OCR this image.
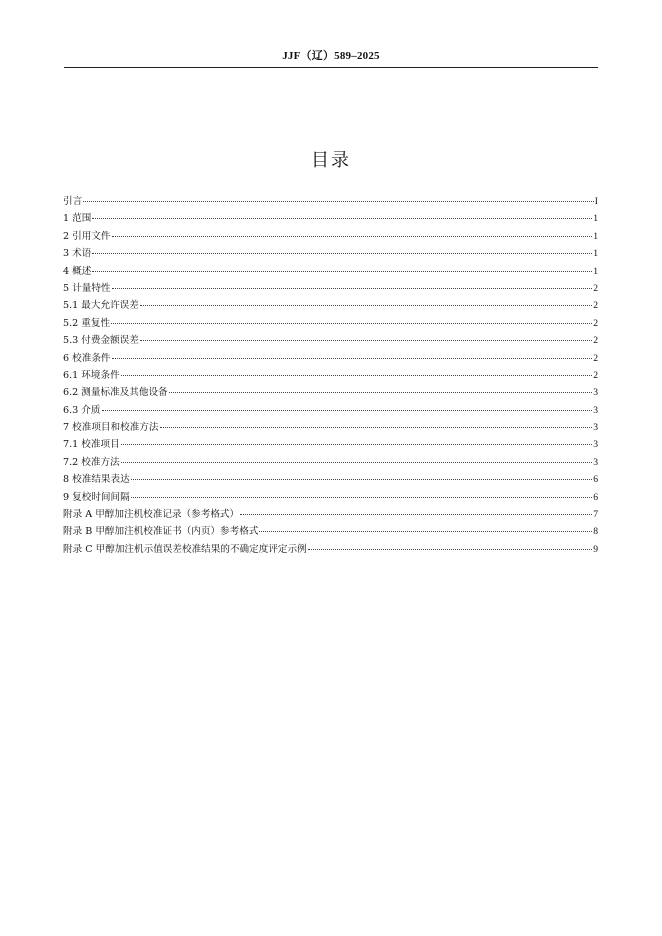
JJF（辽）589–2025
目录
引言	I
1 范围	1
2 引用文件	1
3 术语	1
4 概述	1
5 计量特性	2
5.1 最大允许误差	2
5.2 重复性	2
5.3 付费金额误差	2
6 校准条件	2
6.1 环境条件	2
6.2 测量标准及其他设备	3
6.3 介质	3
7 校准项目和校准方法	3
7.1 校准项目	3
7.2 校准方法	3
8 校准结果表达	6
9 复校时间间隔	6
附录 A 甲醇加注机校准记录（参考格式）	7
附录 B 甲醇加注机校准证书（内页）参考格式	8
附录 C 甲醇加注机示值误差校准结果的不确定度评定示例	9
